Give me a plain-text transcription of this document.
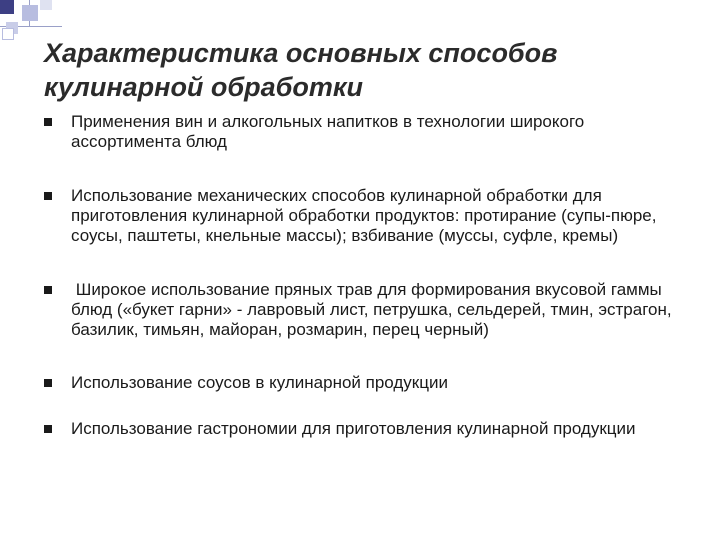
Характеристика основных способов кулинарной обработки
Применения вин и алкогольных напитков в технологии широкого ассортимента блюд
Использование механических способов кулинарной обработки для приготовления кулинарной обработки продуктов: протирание (супы-пюре, соусы, паштеты, кнельные массы); взбивание (муссы, суфле, кремы)
Широкое использование пряных трав для формирования вкусовой гаммы блюд («букет гарни» - лавровый лист, петрушка, сельдерей, тмин, эстрагон, базилик, тимьян, майоран, розмарин, перец черный)
Использование соусов в кулинарной продукции
Использование гастрономии для приготовления кулинарной продукции
